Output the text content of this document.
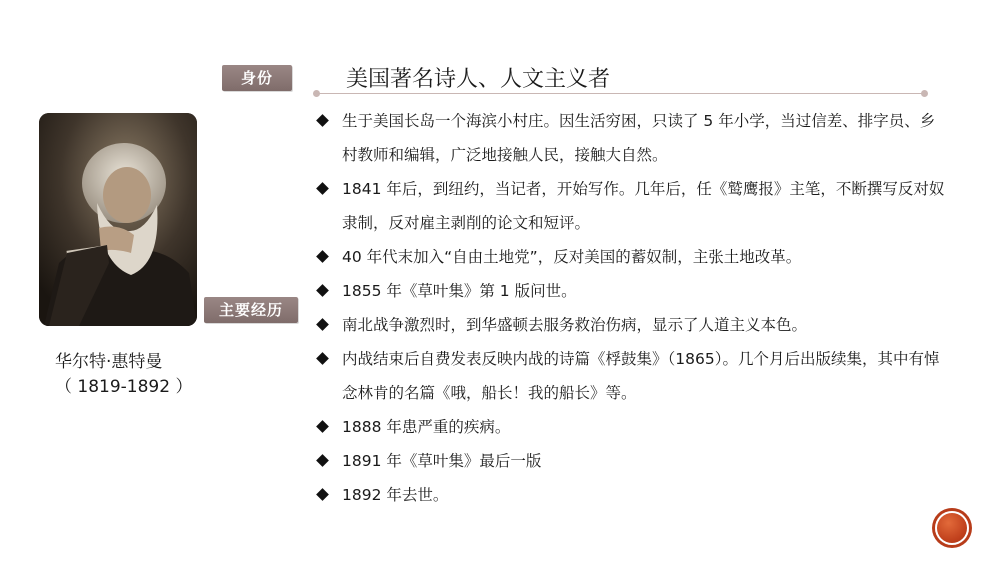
身份
主要经历
美国著名诗人、人文主义者
华尔特·惠特曼
（ 1819-1892 ）
生于美国长岛一个海滨小村庄。因生活穷困，只读了 5 年小学，当过信差、排字员、乡村教师和编辑，广泛地接触人民，接触大自然。
1841 年后，到纽约，当记者，开始写作。几年后，任《鹫鹰报》主笔，不断撰写反对奴隶制，反对雇主剥削的论文和短评。
40 年代末加入“自由土地党”，反对美国的蓄奴制，主张土地改革。
1855 年《草叶集》第 1 版问世。
南北战争激烈时，到华盛顿去服务救治伤病，显示了人道主义本色。
内战结束后自费发表反映内战的诗篇《桴鼓集》（1865）。几个月后出版续集，其中有悼念林肯的名篇《哦，船长！我的船长》等。
1888 年患严重的疾病。
1891 年《草叶集》最后一版
1892 年去世。
